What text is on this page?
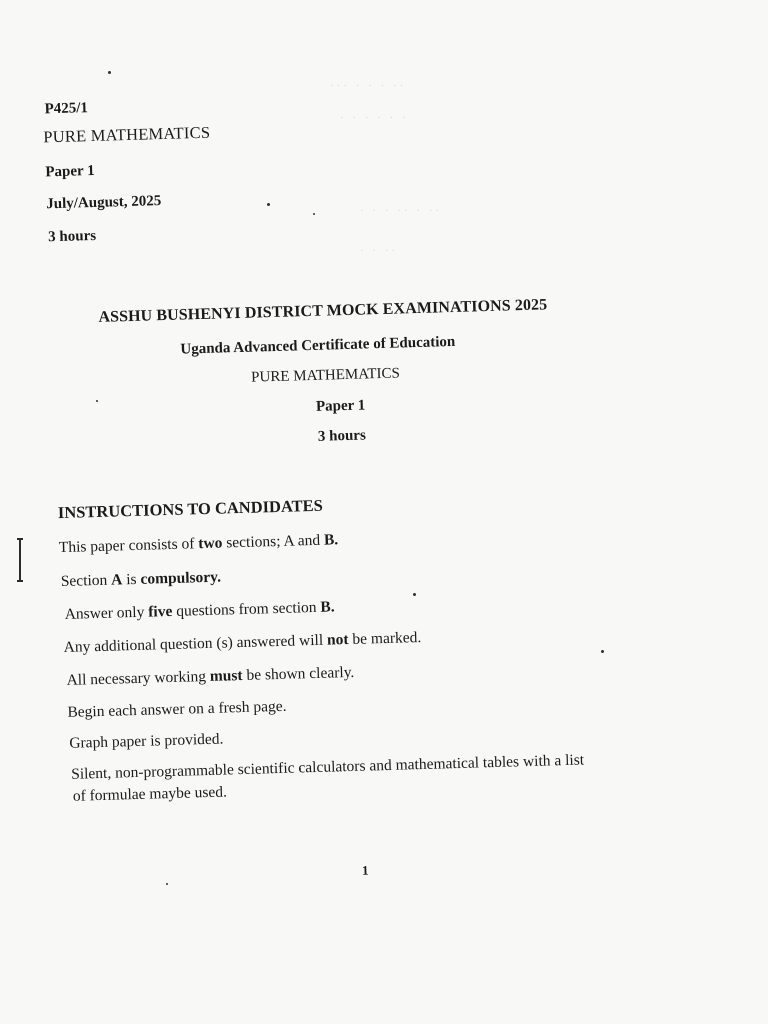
··· · · · ··
· · · · · ·
· · · ·· · ··
· · ··
P425/1
PURE MATHEMATICS
Paper 1
July/August, 2025
3 hours
ASSHU BUSHENYI DISTRICT MOCK EXAMINATIONS 2025
Uganda Advanced Certificate of Education
PURE MATHEMATICS
Paper 1
3 hours
INSTRUCTIONS TO CANDIDATES
This paper consists of two sections; A and B.
Section A is compulsory.
Answer only five questions from section B.
Any additional question (s) answered will not be marked.
All necessary working must be shown clearly.
Begin each answer on a fresh page.
Graph paper is provided.
Silent, non-programmable scientific calculators and mathematical tables with a list
of formulae maybe used.
1
